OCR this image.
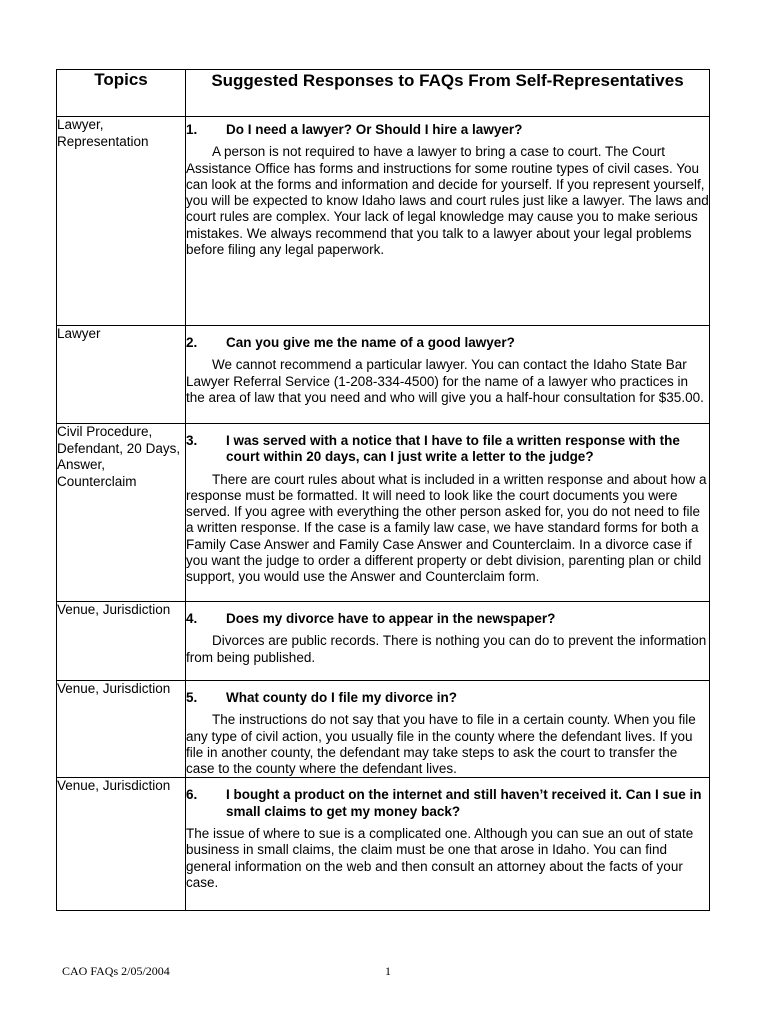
Topics	Suggested Responses to FAQs From Self-Representatives
Lawyer, Representation	1. Do I need a lawyer? Or Should I hire a lawyer?

A person is not required to have a lawyer to bring a case to court. The Court Assistance Office has forms and instructions for some routine types of civil cases. You can look at the forms and information and decide for yourself. If you represent yourself, you will be expected to know Idaho laws and court rules just like a lawyer. The laws and court rules are complex. Your lack of legal knowledge may cause you to make serious mistakes. We always recommend that you talk to a lawyer about your legal problems before filing any legal paperwork.

Lawyer	2. Can you give me the name of a good lawyer?

We cannot recommend a particular lawyer. You can contact the Idaho State Bar Lawyer Referral Service (1-208-334-4500) for the name of a lawyer who practices in the area of law that you need and who will give you a half-hour consultation for $35.00.

Civil Procedure, Defendant, 20 Days, Answer, Counterclaim	3. I was served with a notice that I have to file a written response with the court within 20 days, can I just write a letter to the judge?

There are court rules about what is included in a written response and about how a response must be formatted. It will need to look like the court documents you were served. If you agree with everything the other person asked for, you do not need to file a written response. If the case is a family law case, we have standard forms for both a Family Case Answer and Family Case Answer and Counterclaim. In a divorce case if you want the judge to order a different property or debt division, parenting plan or child support, you would use the Answer and Counterclaim form.

Venue, Jurisdiction	4. Does my divorce have to appear in the newspaper?

Divorces are public records. There is nothing you can do to prevent the information from being published.

Venue, Jurisdiction	5. What county do I file my divorce in?

The instructions do not say that you have to file in a certain county. When you file any type of civil action, you usually file in the county where the defendant lives. If you file in another county, the defendant may take steps to ask the court to transfer the case to the county where the defendant lives.

Venue, Jurisdiction	6. I bought a product on the internet and still haven’t received it. Can I sue in small claims to get my money back?

The issue of where to sue is a complicated one. Although you can sue an out of state business in small claims, the claim must be one that arose in Idaho. You can find general information on the web and then consult an attorney about the facts of your case.

CAO FAQs 2/05/2004	1
